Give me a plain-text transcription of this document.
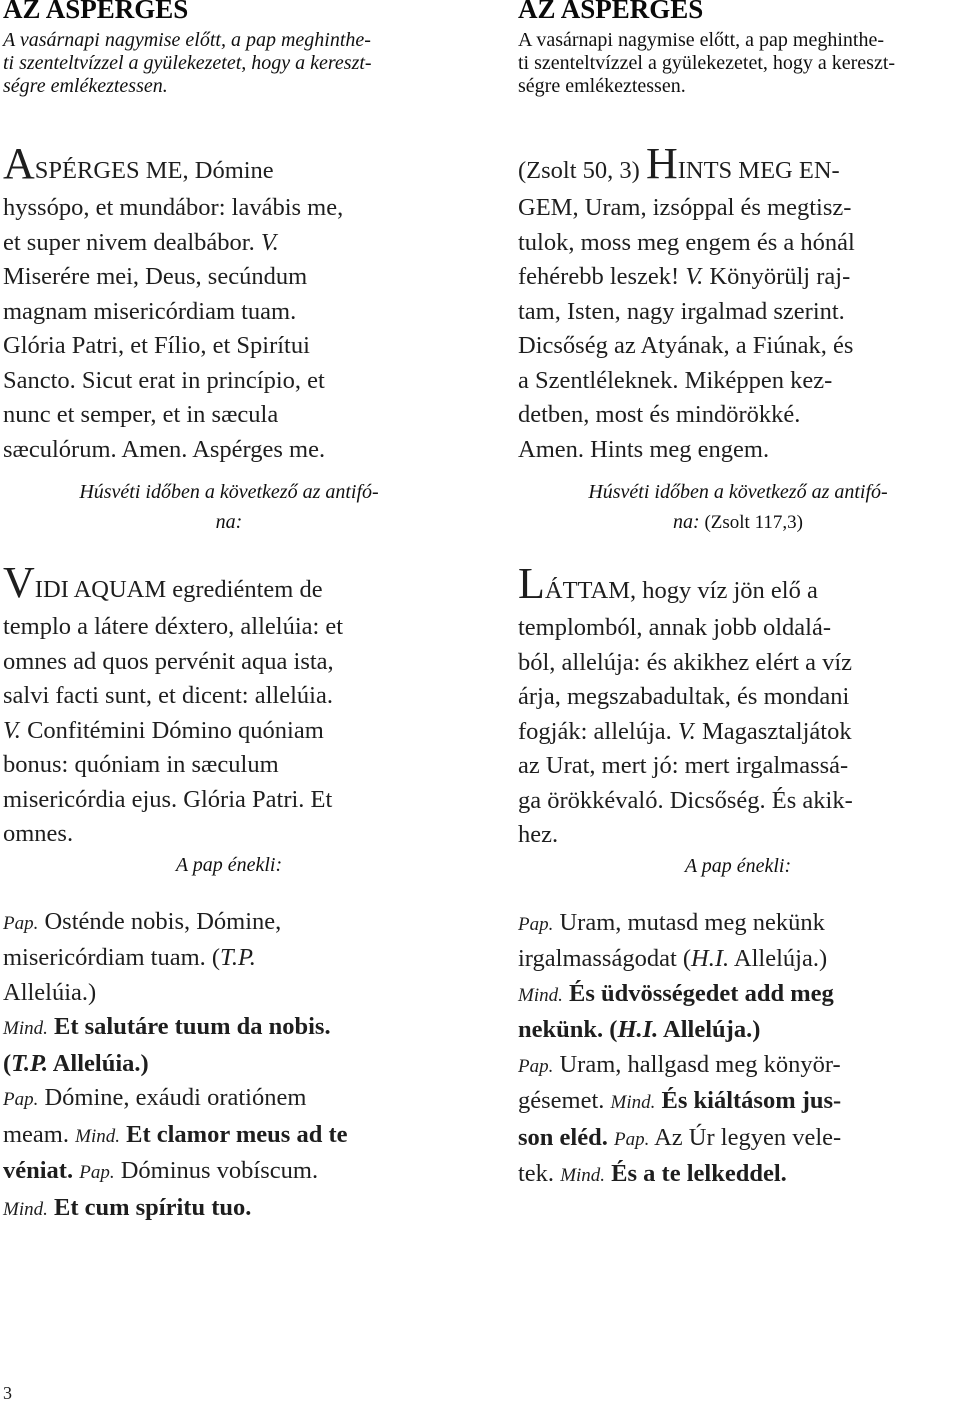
AZ ASPERGES
A vasárnapi nagymise előtt, a pap meghinthe-
ti szenteltvízzel a gyülekezetet, hogy a kereszt-
ségre emlékeztessen.
ASPÉRGES ME, Dómine
hyssópo, et mundábor: lavábis me,
et super nivem dealbábor. V.
Miserére mei, Deus, secúndum
magnam misericórdiam tuam.
Glória Patri, et Fílio, et Spirítui
Sancto. Sicut erat in princípio, et
nunc et semper, et in sæcula
sæculórum. Amen. Aspérges me.
Húsvéti időben a következő az antifó-
na:
VIDI AQUAM egrediéntem de
templo a látere déxtero, allelúia: et
omnes ad quos pervénit aqua ista,
salvi facti sunt, et dicent: allelúia.
V. Confitémini Dómino quóniam
bonus: quóniam in sæculum
misericórdia ejus. Glória Patri. Et
omnes.
A pap énekli:
Pap. Osténde nobis, Dómine,
misericórdiam tuam. (T.P.
Allelúia.)
Mind. Et salutáre tuum da nobis.
(T.P. Allelúia.)
Pap. Dómine, exáudi oratiónem
meam. Mind. Et clamor meus ad te
véniat. Pap. Dóminus vobíscum.
Mind. Et cum spíritu tuo.
AZ ASPERGES
A vasárnapi nagymise előtt, a pap meghinthe-
ti szenteltvízzel a gyülekezetet, hogy a kereszt-
ségre emlékeztessen.
(Zsolt 50, 3) HINTS MEG EN-
GEM, Uram, izsóppal és megtisz-
tulok, moss meg engem és a hónál
fehérebb leszek! V. Könyörülj raj-
tam, Isten, nagy irgalmad szerint.
Dicsőség az Atyának, a Fiúnak, és
a Szentléleknek. Miképpen kez-
detben, most és mindörökké.
Amen. Hints meg engem.
Húsvéti időben a következő az antifó-
na: (Zsolt 117,3)
LÁTTAM, hogy víz jön elő a
templomból, annak jobb oldalá-
ból, allelúja: és akikhez elért a víz
árja, megszabadultak, és mondani
fogják: allelúja. V. Magasztaljátok
az Urat, mert jó: mert irgalmassá-
ga örökkévaló. Dicsőség. És akik-
hez.
A pap énekli:
Pap. Uram, mutasd meg nekünk
irgalmasságodat (H.I. Allelúja.)
Mind. És üdvösségedet add meg
nekünk. (H.I. Allelúja.)
Pap. Uram, hallgasd meg könyör-
gésemet. Mind. És kiáltásom jus-
son eléd. Pap. Az Úr legyen vele-
tek. Mind. És a te lelkeddel.
3
